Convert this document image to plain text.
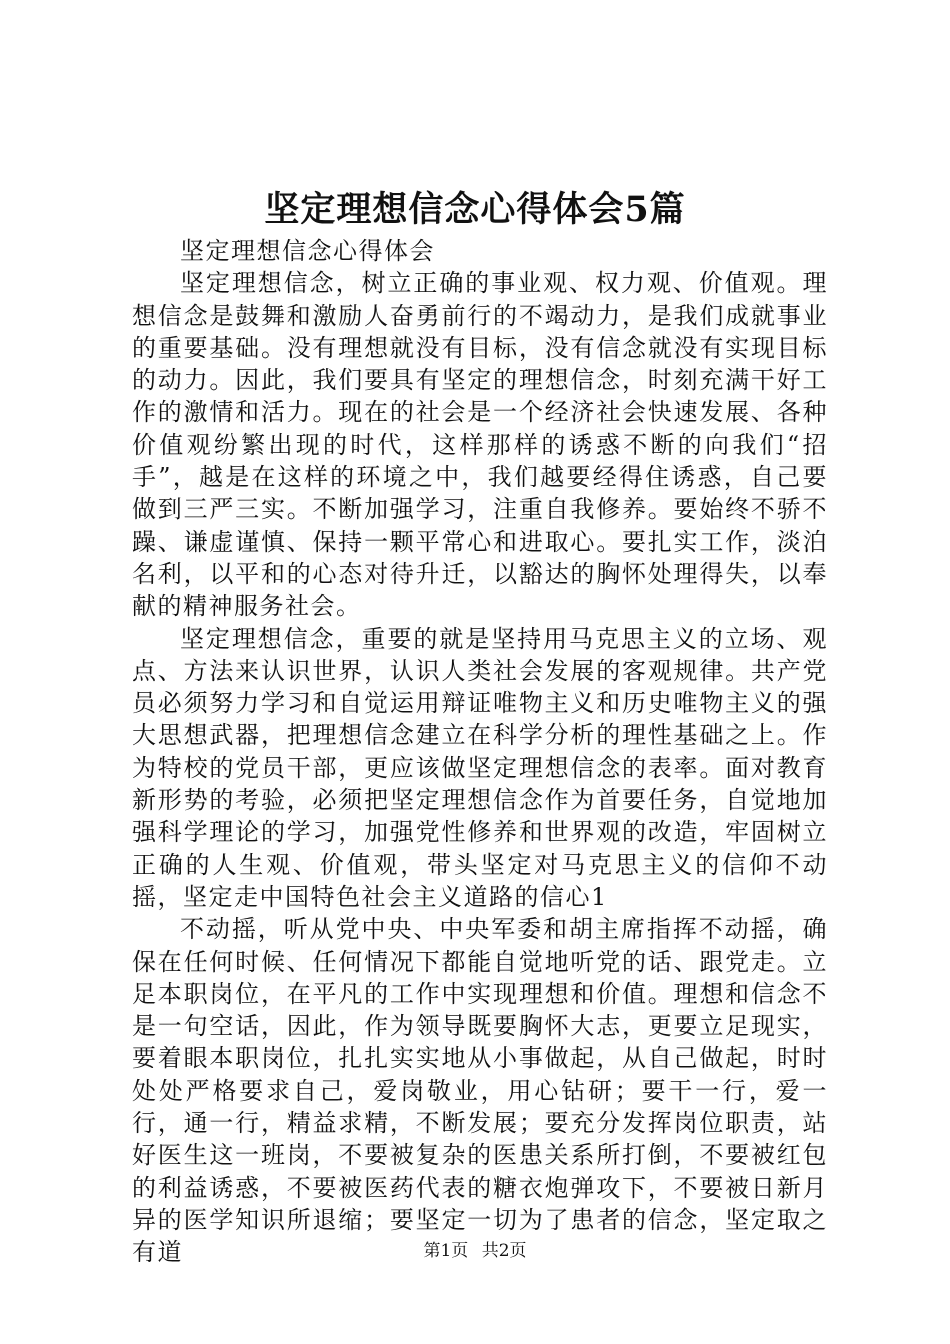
坚定理想信念心得体会5篇

坚定理想信念心得体会

坚定理想信念，树立正确的事业观、权力观、价值观。理想信念是鼓舞和激励人奋勇前行的不竭动力，是我们成就事业的重要基础。没有理想就没有目标，没有信念就没有实现目标的动力。因此，我们要具有坚定的理想信念，时刻充满干好工作的激情和活力。现在的社会是一个经济社会快速发展、各种价值观纷繁出现的时代，这样那样的诱惑不断的向我们“招手”，越是在这样的环境之中，我们越要经得住诱惑，自己要做到三严三实。不断加强学习，注重自我修养。要始终不骄不躁、谦虚谨慎、保持一颗平常心和进取心。要扎实工作，淡泊名利，以平和的心态对待升迁，以豁达的胸怀处理得失，以奉献的精神服务社会。

坚定理想信念，重要的就是坚持用马克思主义的立场、观点、方法来认识世界，认识人类社会发展的客观规律。共产党员必须努力学习和自觉运用辩证唯物主义和历史唯物主义的强大思想武器，把理想信念建立在科学分析的理性基础之上。作为特校的党员干部，更应该做坚定理想信念的表率。面对教育新形势的考验，必须把坚定理想信念作为首要任务，自觉地加强科学理论的学习，加强党性修养和世界观的改造，牢固树立正确的人生观、价值观，带头坚定对马克思主义的信仰不动摇，坚定走中国特色社会主义道路的信心1

不动摇，听从党中央、中央军委和胡主席指挥不动摇，确保在任何时候、任何情况下都能自觉地听党的话、跟党走。立足本职岗位，在平凡的工作中实现理想和价值。理想和信念不是一句空话，因此，作为领导既要胸怀大志，更要立足现实，要着眼本职岗位，扎扎实实地从小事做起，从自己做起，时时处处严格要求自己，爱岗敬业，用心钻研；要干一行，爱一行，通一行，精益求精，不断发展；要充分发挥岗位职责，站好医生这一班岗，不要被复杂的医患关系所打倒，不要被红包的利益诱惑，不要被医药代表的糖衣炮弹攻下，不要被日新月异的医学知识所退缩；要坚定一切为了患者的信念，坚定取之有道	第1页 共2页
